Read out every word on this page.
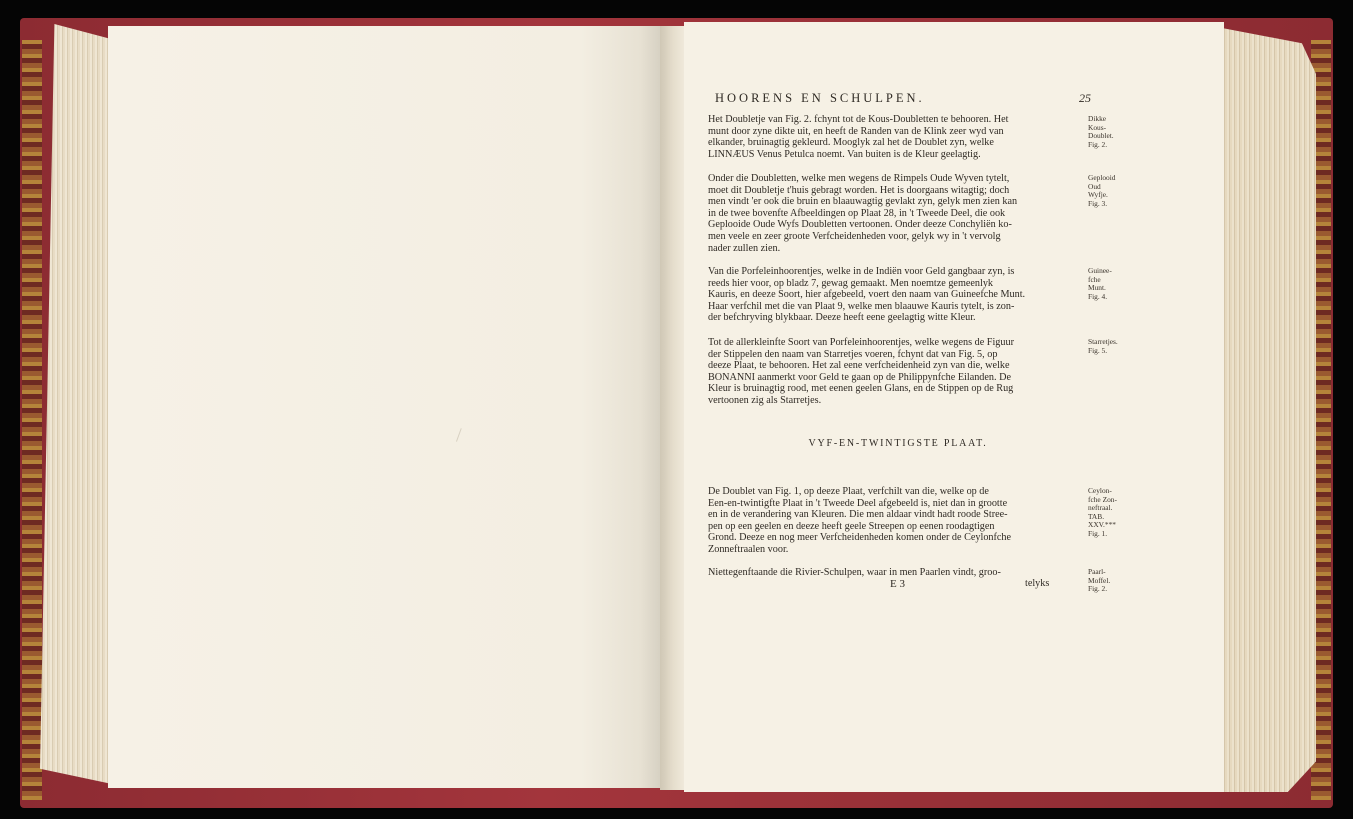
HOORENS EN SCHULPEN.	25
Het Doubletje van Fig. 2. fchynt tot de Kous-Doubletten te behooren. Het
munt door zyne dikte uit, en heeft de Randen van de Klink zeer wyd van
elkander, bruinagtig gekleurd. Mooglyk zal het de Doublet zyn, welke
LINNÆUS Venus Petulca noemt. Van buiten is de Kleur geelagtig.
Dikke
Kous-
Doublet.
Fig. 2.
Onder die Doubletten, welke men wegens de Rimpels Oude Wyven tytelt,
moet dit Doubletje t'huis gebragt worden. Het is doorgaans witagtig; doch
men vindt 'er ook die bruin en blaauwagtig gevlakt zyn, gelyk men zien kan
in de twee bovenfte Afbeeldingen op Plaat 28, in 't Tweede Deel, die ook
Geplooide Oude Wyfs Doubletten vertoonen. Onder deeze Conchyliën ko-
men veele en zeer groote Verfcheidenheden voor, gelyk wy in 't vervolg
nader zullen zien.
Geplooid
Oud
Wyfje.
Fig. 3.
Van die Porfeleinhoorentjes, welke in de Indiën voor Geld gangbaar zyn, is
reeds hier voor, op bladz 7, gewag gemaakt. Men noemtze gemeenlyk
Kauris, en deeze Soort, hier afgebeeld, voert den naam van Guineefche Munt.
Haar verfchil met die van Plaat 9, welke men blaauwe Kauris tytelt, is zon-
der befchryving blykbaar. Deeze heeft eene geelagtig witte Kleur.
Guinee-
fche
Munt.
Fig. 4.
Tot de allerkleinfte Soort van Porfeleinhoorentjes, welke wegens de Figuur
der Stippelen den naam van Starretjes voeren, fchynt dat van Fig. 5, op
deeze Plaat, te behooren. Het zal eene verfcheidenheid zyn van die, welke
BONANNI aanmerkt voor Geld te gaan op de Philippynfche Eilanden. De
Kleur is bruinagtig rood, met eenen geelen Glans, en de Stippen op de Rug
vertoonen zig als Starretjes.
Starretjes.
Fig. 5.
VYF-EN-TWINTIGSTE PLAAT.
De Doublet van Fig. 1, op deeze Plaat, verfchilt van die, welke op de
Een-en-twintigfte Plaat in 't Tweede Deel afgebeeld is, niet dan in grootte
en in de verandering van Kleuren. Die men aldaar vindt hadt roode Stree-
pen op een geelen en deeze heeft geele Streepen op eenen roodagtigen
Grond. Deeze en nog meer Verfcheidenheden komen onder de Ceylonfche
Zonneftraalen voor.
Ceylon-
fche Zon-
neftraal.
TAB.
XXV.***
Fig. 1.
Niettegenftaande die Rivier-Schulpen, waar in men Paarlen vindt, groo-	Paarl-
Moffel.
Fig. 2.
E 3	telyks
